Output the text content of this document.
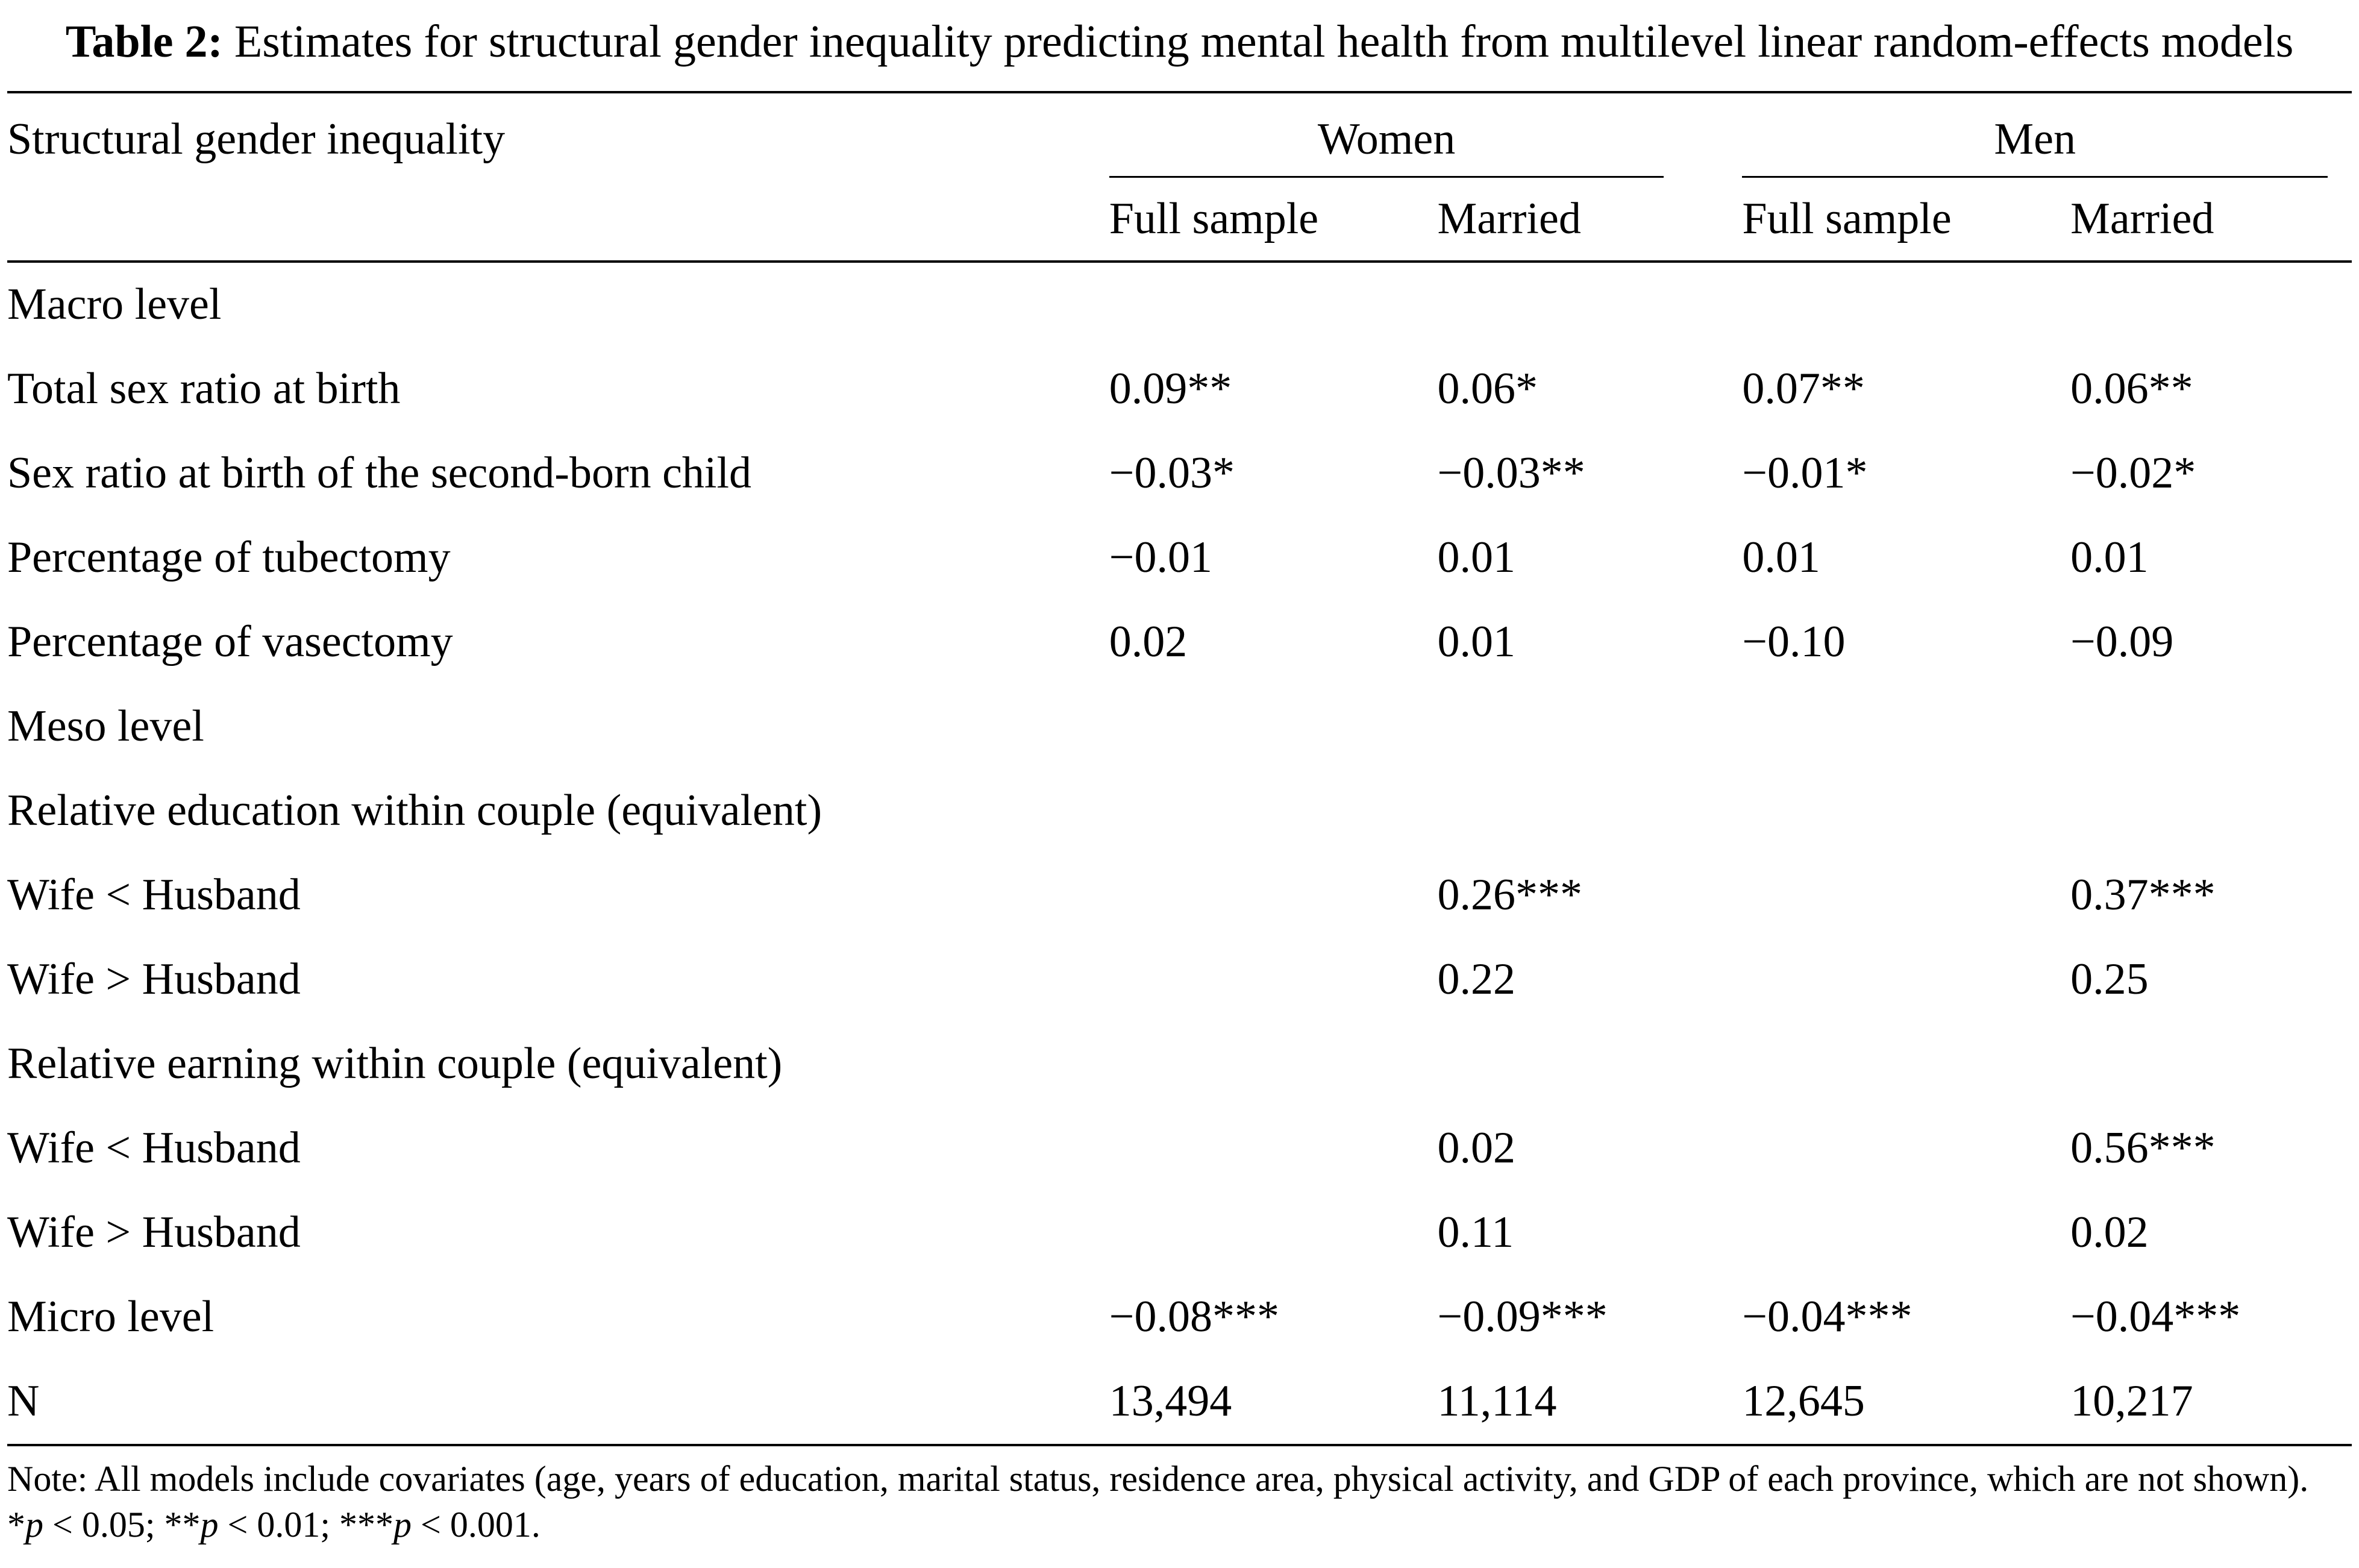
Table 2: Estimates for structural gender inequality predicting mental health from multilevel linear random-effects models
Structural gender inequality	Women		Men	

	Full sample	Married	Full sample	Married
Macro level				
Total sex ratio at birth	0.09**	0.06*	0.07**	0.06**
Sex ratio at birth of the second-born child	−0.03*	−0.03**	−0.01*	−0.02*
Percentage of tubectomy	−0.01	0.01	0.01	0.01
Percentage of vasectomy	0.02	0.01	−0.10	−0.09
Meso level				
Relative education within couple (equivalent)				
Wife < Husband		0.26***		0.37***
Wife > Husband		0.22		0.25
Relative earning within couple (equivalent)				
Wife < Husband		0.02		0.56***
Wife > Husband		0.11		0.02
Micro level	−0.08***	−0.09***	−0.04***	−0.04***
N	13,494	11,114	12,645	10,217
Note: All models include covariates (age, years of education, marital status, residence area, physical activity, and GDP of each province, which are not shown). *p < 0.05; **p < 0.01; ***p < 0.001.
